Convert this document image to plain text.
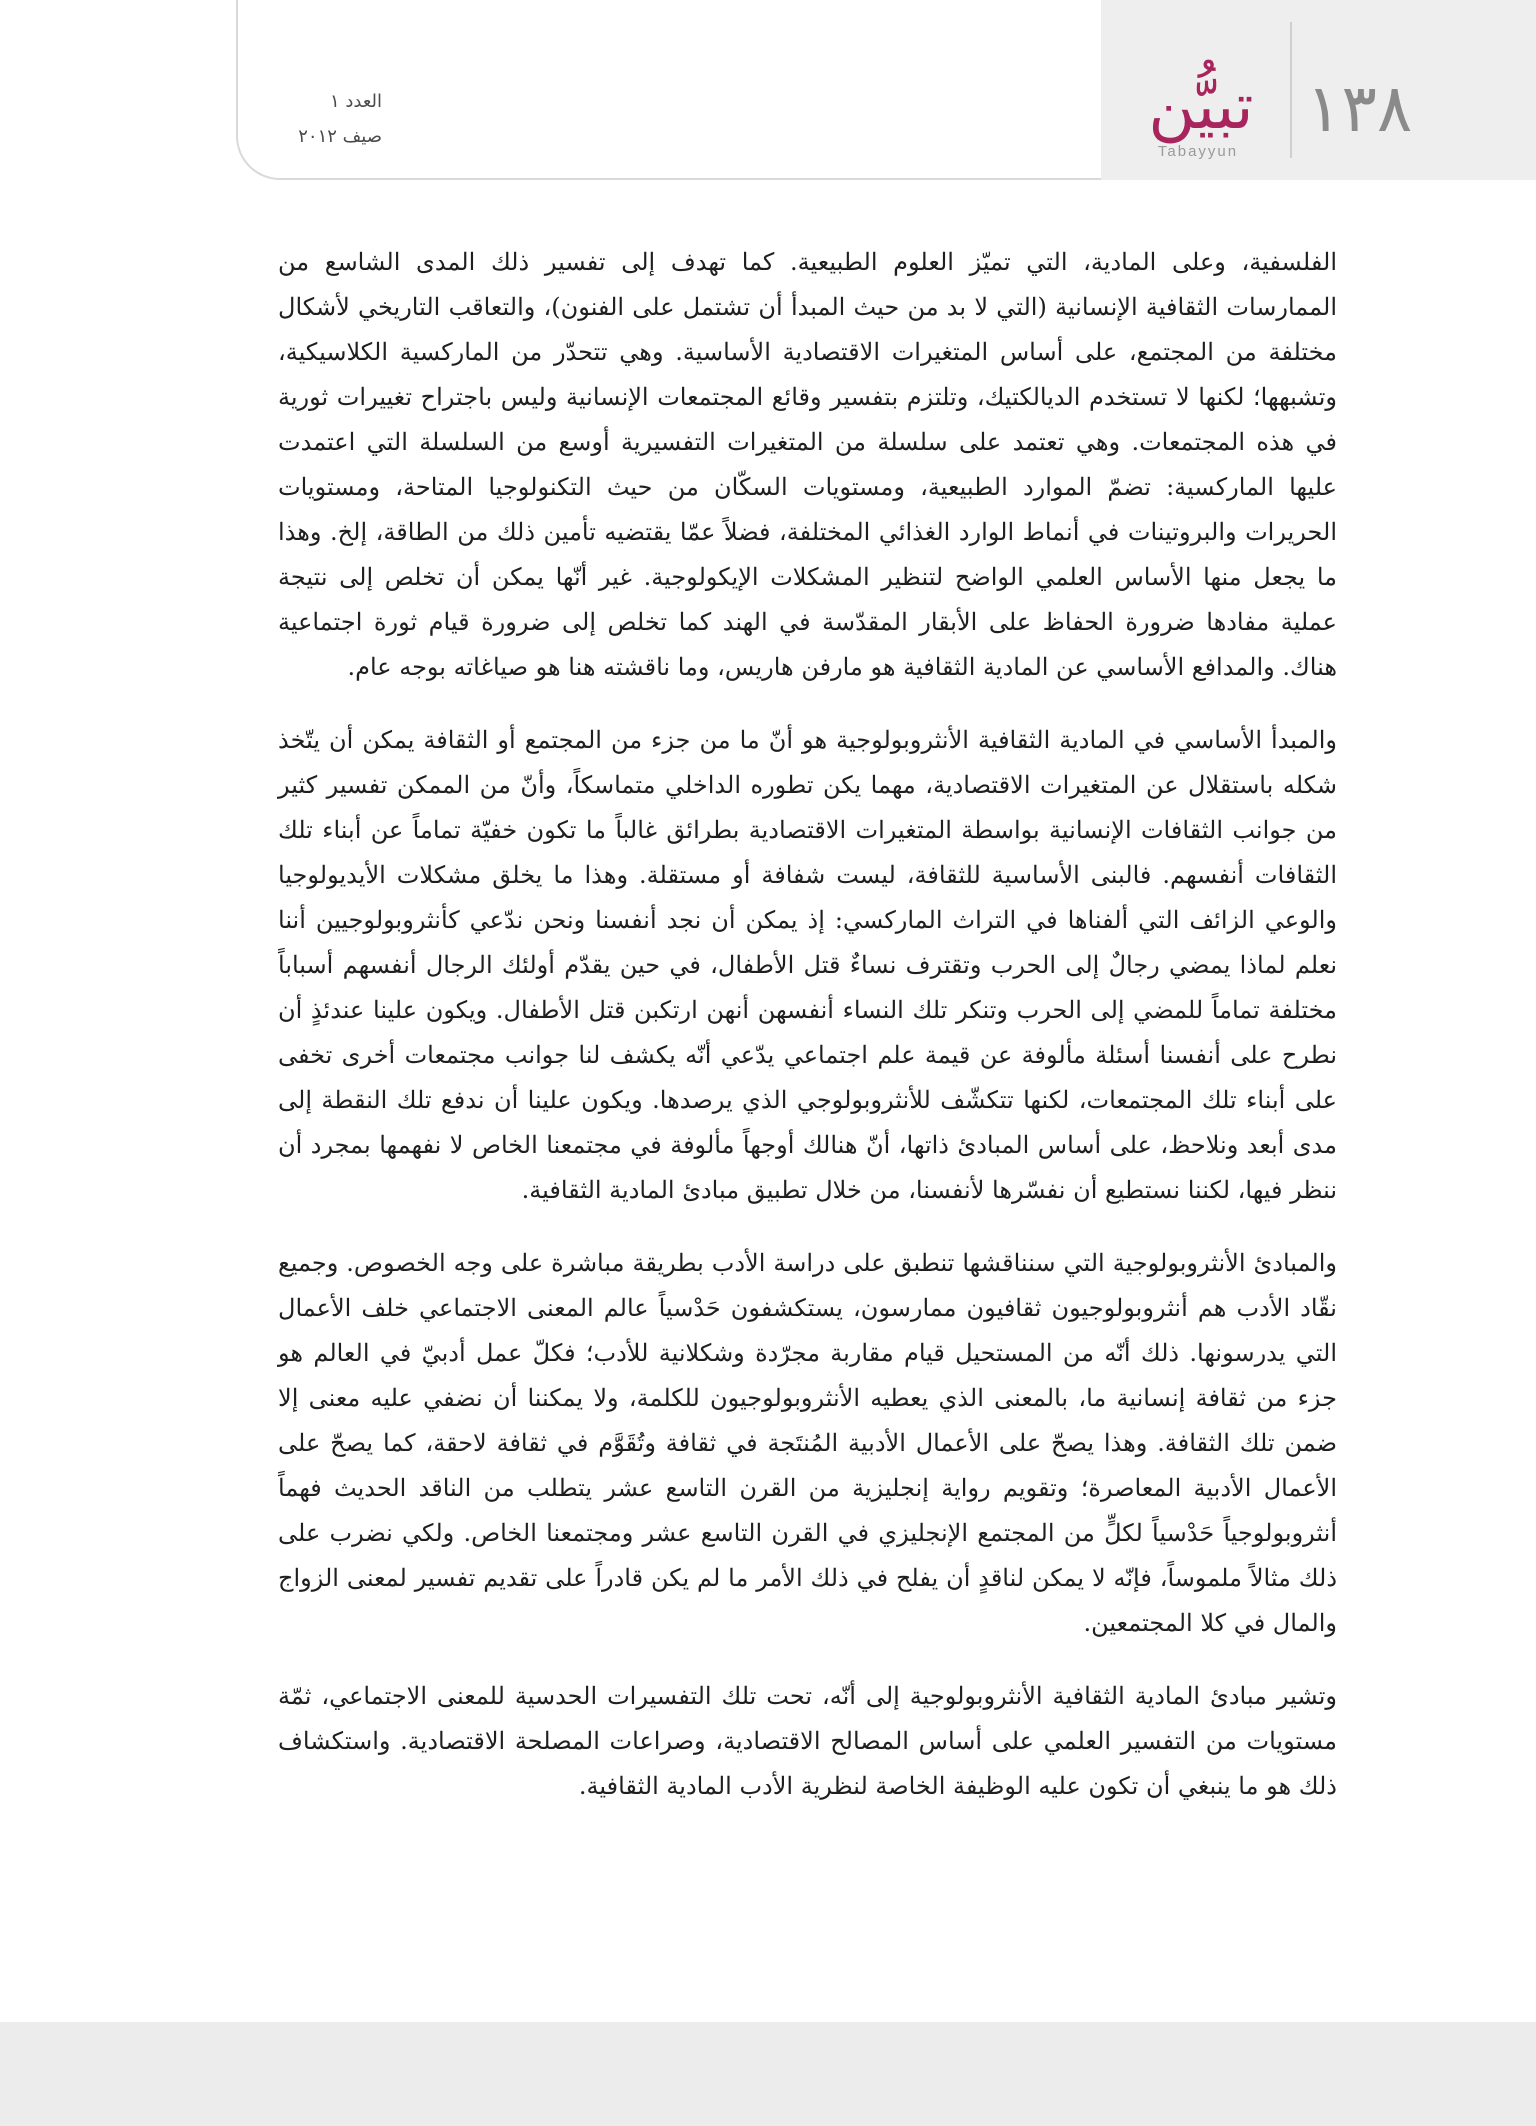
١٣٨
تبيُّن
Tabayyun
العدد ١
صيف ٢٠١٢

الفلسفية، وعلى المادية، التي تميّز العلوم الطبيعية. كما تهدف إلى تفسير ذلك المدى الشاسع من الممارسات الثقافية الإنسانية (التي لا بد من حيث المبدأ أن تشتمل على الفنون)، والتعاقب التاريخي لأشكال مختلفة من المجتمع، على أساس المتغيرات الاقتصادية الأساسية. وهي تتحدّر من الماركسية الكلاسيكية، وتشبهها؛ لكنها لا تستخدم الديالكتيك، وتلتزم بتفسير وقائع المجتمعات الإنسانية وليس باجتراح تغييرات ثورية في هذه المجتمعات. وهي تعتمد على سلسلة من المتغيرات التفسيرية أوسع من السلسلة التي اعتمدت عليها الماركسية: تضمّ الموارد الطبيعية، ومستويات السكّان من حيث التكنولوجيا المتاحة، ومستويات الحريرات والبروتينات في أنماط الوارد الغذائي المختلفة، فضلاً عمّا يقتضيه تأمين ذلك من الطاقة، إلخ. وهذا ما يجعل منها الأساس العلمي الواضح لتنظير المشكلات الإيكولوجية. غير أنّها يمكن أن تخلص إلى نتيجة عملية مفادها ضرورة الحفاظ على الأبقار المقدّسة في الهند كما تخلص إلى ضرورة قيام ثورة اجتماعية هناك. والمدافع الأساسي عن المادية الثقافية هو مارفن هاريس، وما ناقشته هنا هو صياغاته بوجه عام.

والمبدأ الأساسي في المادية الثقافية الأنثروبولوجية هو أنّ ما من جزء من المجتمع أو الثقافة يمكن أن يتّخذ شكله باستقلال عن المتغيرات الاقتصادية، مهما يكن تطوره الداخلي متماسكاً، وأنّ من الممكن تفسير كثير من جوانب الثقافات الإنسانية بواسطة المتغيرات الاقتصادية بطرائق غالباً ما تكون خفيّة تماماً عن أبناء تلك الثقافات أنفسهم. فالبنى الأساسية للثقافة، ليست شفافة أو مستقلة. وهذا ما يخلق مشكلات الأيديولوجيا والوعي الزائف التي ألفناها في التراث الماركسي: إذ يمكن أن نجد أنفسنا ونحن ندّعي كأنثروبولوجيين أننا نعلم لماذا يمضي رجالٌ إلى الحرب وتقترف نساءٌ قتل الأطفال، في حين يقدّم أولئك الرجال أنفسهم أسباباً مختلفة تماماً للمضي إلى الحرب وتنكر تلك النساء أنفسهن أنهن ارتكبن قتل الأطفال. ويكون علينا عندئذٍ أن نطرح على أنفسنا أسئلة مألوفة عن قيمة علم اجتماعي يدّعي أنّه يكشف لنا جوانب مجتمعات أخرى تخفى على أبناء تلك المجتمعات، لكنها تتكشّف للأنثروبولوجي الذي يرصدها. ويكون علينا أن ندفع تلك النقطة إلى مدى أبعد ونلاحظ، على أساس المبادئ ذاتها، أنّ هنالك أوجهاً مألوفة في مجتمعنا الخاص لا نفهمها بمجرد أن ننظر فيها، لكننا نستطيع أن نفسّرها لأنفسنا، من خلال تطبيق مبادئ المادية الثقافية.

والمبادئ الأنثروبولوجية التي سنناقشها تنطبق على دراسة الأدب بطريقة مباشرة على وجه الخصوص. وجميع نقّاد الأدب هم أنثروبولوجيون ثقافيون ممارسون، يستكشفون حَدْسياً عالم المعنى الاجتماعي خلف الأعمال التي يدرسونها. ذلك أنّه من المستحيل قيام مقاربة مجرّدة وشكلانية للأدب؛ فكلّ عمل أدبيّ في العالم هو جزء من ثقافة إنسانية ما، بالمعنى الذي يعطيه الأنثروبولوجيون للكلمة، ولا يمكننا أن نضفي عليه معنى إلا ضمن تلك الثقافة. وهذا يصحّ على الأعمال الأدبية المُنتَجة في ثقافة وتُقَوَّم في ثقافة لاحقة، كما يصحّ على الأعمال الأدبية المعاصرة؛ وتقويم رواية إنجليزية من القرن التاسع عشر يتطلب من الناقد الحديث فهماً أنثروبولوجياً حَدْسياً لكلٍّ من المجتمع الإنجليزي في القرن التاسع عشر ومجتمعنا الخاص. ولكي نضرب على ذلك مثالاً ملموساً، فإنّه لا يمكن لناقدٍ أن يفلح في ذلك الأمر ما لم يكن قادراً على تقديم تفسير لمعنى الزواج والمال في كلا المجتمعين.

وتشير مبادئ المادية الثقافية الأنثروبولوجية إلى أنّه، تحت تلك التفسيرات الحدسية للمعنى الاجتماعي، ثمّة مستويات من التفسير العلمي على أساس المصالح الاقتصادية، وصراعات المصلحة الاقتصادية. واستكشاف ذلك هو ما ينبغي أن تكون عليه الوظيفة الخاصة لنظرية الأدب المادية الثقافية.
